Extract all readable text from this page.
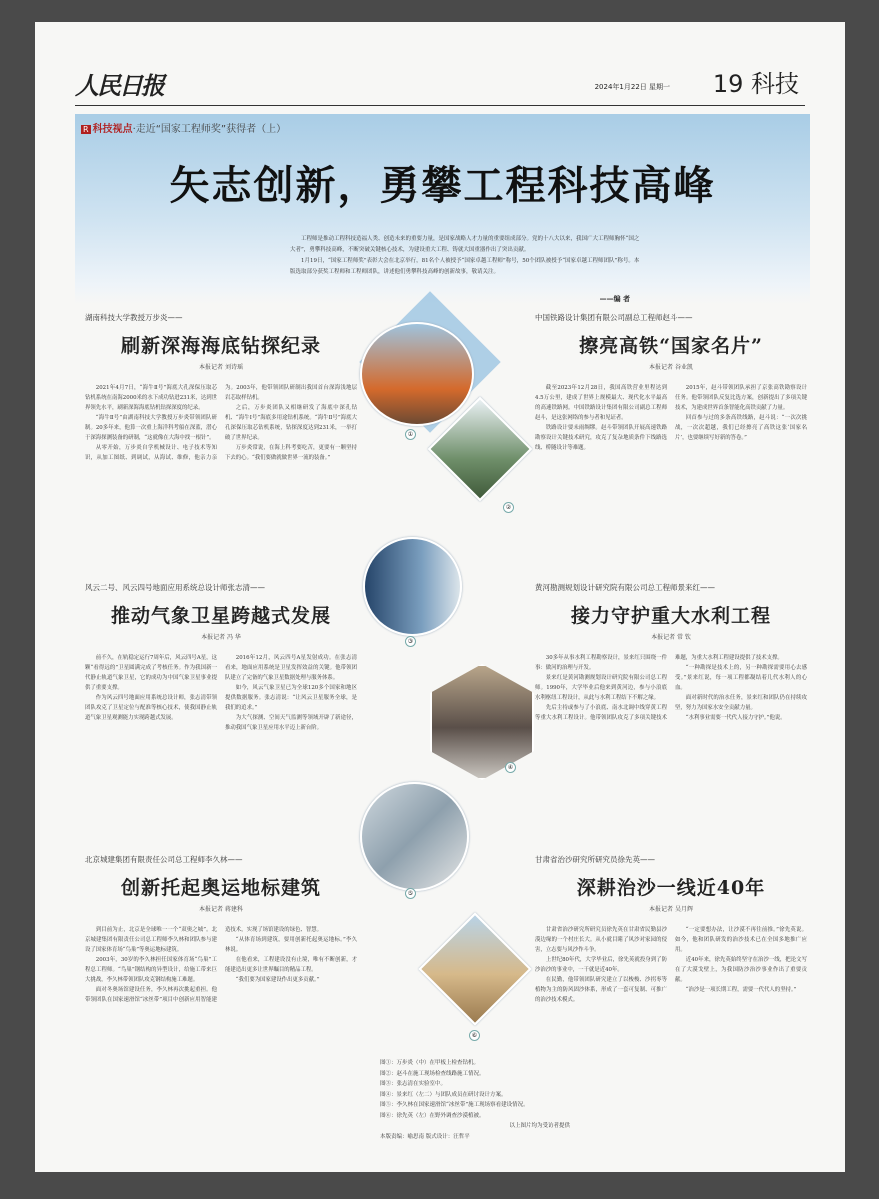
人民日报	2024年1月22日 星期一 19 科技
R 科技视点·走近“国家工程师奖”获得者（上）
矢志创新，勇攀工程科技高峰

工程师是推动工程科技造福人类、创造未来的重要力量，是国家战略人才力量的重要组成部分。党的十八大以来，我国广大工程师胸怀“国之大者”，勇攀科技高峰，不断突破关键核心技术，为建设重大工程、铸就大国重器作出了突出贡献。

1月19日，“国家工程师奖”表彰大会在北京举行，81名个人被授予“国家卓越工程师”称号，50个团队被授予“国家卓越工程师团队”称号。本版选取部分获奖工程师和工程师团队，讲述他们勇攀科技高峰的创新故事，敬请关注。

——编 者
湖南科技大学教授万步炎——
刷新深海海底钻探纪录
本报记者 刘诗瑶

2021年4月7日，“海牛Ⅱ号”海底大孔深保压取芯钻机系统在南海2000米的水下成功钻进231米，达到世界领先水平，刷新深海海底钻机钻探深度的纪录。

“海牛Ⅱ号”由湖南科技大学教授万步炎带领团队研制。20多年来，他算一次重上海洋科考船在深蓝，潜心于深海探测装备的研制，“这就像在大海中找一根针”。

从零开始，万步炎自学机械设计、电子技术等知识，从加工图纸、到调试，从海试、维修，他亲力亲为。2003年，他带领团队研制出我国首台深海浅地层岩芯取样钻机。

之后，万步炎团队又相继研发了海底中深孔钻机、“海牛Ⅰ号”海底多用途钻机系统。“海牛Ⅱ号”海底大孔深保压取芯钻机系统，钻探深度达到231米，一举打破了世界纪录。

万步炎常说，在海上科考要吃苦，更要有一颗坚持下去的心。“我们要做就做世界一流的装备。”

中国铁路设计集团有限公司副总工程师赵斗——
擦亮高铁“国家名片”
本报记者 谷业凯

截至2023年12月28日，我国高铁营业里程达到4.5万公里，建成了世界上规模最大、现代化水平最高的高速铁路网。中国铁路设计集团有限公司副总工程师赵斗，是这张网络的参与者和见证者。

铁路设计要未雨绸缪。赵斗带领团队开展高速铁路勘察设计关键技术研究，攻克了复杂地质条件下线路选线、桥隧设计等难题。

2015年，赵斗带领团队承担了京张高铁勘察设计任务。他带领团队反复比选方案，创新提出了多项关键技术，为建成世界首条智能化高铁贡献了力量。

回首参与过的多条高铁线路，赵斗说：“一次次挑战，一次次超越，我们已经擦亮了高铁这张‘国家名片’，也要继续写好新的答卷。”

风云二号、风云四号地面应用系统总设计师张志清——
推动气象卫星跨越式发展
本报记者 冯 华

前不久，在轨稳定运行7周年后，风云四号A星，这颗“看得远的”卫星圆满完成了考核任务。作为我国新一代静止轨道气象卫星，它的成功为中国气象卫星事业提供了重要支撑。

作为风云四号地面应用系统总设计师，张志清带领团队攻克了卫星定位与配准等核心技术，使我国静止轨道气象卫星观测能力实现跨越式发展。

2016年12月，风云四号A星发射成功。在张志清看来，地面应用系统是卫星发挥效益的关键。他带领团队建立了完备的气象卫星数据处理与服务体系。

如今，风云气象卫星已为全球120多个国家和地区提供数据服务。张志清说：“让风云卫星服务全球，是我们的追求。”

为大气探测、空间天气监测等领域开辟了新途径，推动我国气象卫星应用水平迈上新台阶。

黄河勘测规划设计研究院有限公司总工程师景来红——
接力守护重大水利工程
本报记者 常 钦

30多年从事水利工程勘察设计，景来红只围绕一件事：做河的治理与开发。

景来红是黄河勘测规划设计研究院有限公司总工程师。1990年，大学毕业后他来到黄河边，参与小浪底水利枢纽工程设计，从此与水利工程结下不解之缘。

先后主持或参与了小浪底、南水北调中线穿黄工程等重大水利工程设计。他带领团队攻克了多项关键技术难题，为重大水利工程建设提供了技术支撑。

“一种勘探是技术上的，另一种勘探需要用心去感受。”景来红说，每一项工程都凝结着几代水利人的心血。

面对新时代的治水任务，景来红和团队仍在持续攻坚，努力为国家水安全贡献力量。

“水利事业需要一代代人接力守护。”他说。

北京城建集团有限责任公司总工程师李久林——
创新托起奥运地标建筑
本报记者 蒋建科

到目前为止，北京是全球唯一一个“双奥之城”。北京城建集团有限责任公司总工程师李久林和团队参与建设了国家体育场“鸟巢”等奥运地标建筑。

2003年，30岁的李久林担任国家体育场“鸟巢”工程总工程师。“鸟巢”钢结构的异型设计，给施工带来巨大挑战，李久林带领团队攻克钢结构施工难题。

面对冬奥场馆建设任务，李久林再次挑起重担。他带领团队在国家速滑馆“冰丝带”项目中创新应用智能建造技术，实现了场馆建设的绿色、智慧。

“从体育场到建筑，要用创新托起奥运地标。”李久林说。

在他看来，工程建设没有止境，唯有不断创新，才能建造出更多让世界瞩目的精品工程。

“我们要为国家建设作出更多贡献。”

甘肃省治沙研究所研究员徐先英——
深耕治沙一线近40年
本报记者 吴月辉

甘肃省治沙研究所研究员徐先英在甘肃省民勤县沙漠边缘的一个村庄长大。从小就目睹了风沙对家园的侵害，立志要与风沙作斗争。

上世纪80年代，大学毕业后，徐先英就投身到了防沙治沙的事业中，一干就是近40年。

在民勤，他带领团队研究建立了以梭梭、沙拐枣等植物为主的防风固沙体系，形成了一套可复制、可推广的治沙技术模式。

“一定要想办法，让沙漠不再往前推。”徐先英说。如今，他和团队研发的治沙技术已在全国多地推广应用。

近40年来，徐先英始终坚守在治沙一线，把论文写在了大漠戈壁上，为我国防沙治沙事业作出了重要贡献。

“治沙是一项长期工程，需要一代代人的坚持。”

①
②
③
④
⑤
⑥

图①：万步炎（中）在甲板上检查钻机。

图②：赵斗在施工现场检查线路施工情况。

图③：张志清在实验室中。

图④：景来红（左二）与团队成员在研讨设计方案。

图⑤：李久林在国家速滑馆“冰丝带”施工现场察看建设情况。

图⑥：徐先英（左）在野外调查沙漠植被。

以上图片均为受访者提供

本版责编：喻思南 版式设计：汪哲平
